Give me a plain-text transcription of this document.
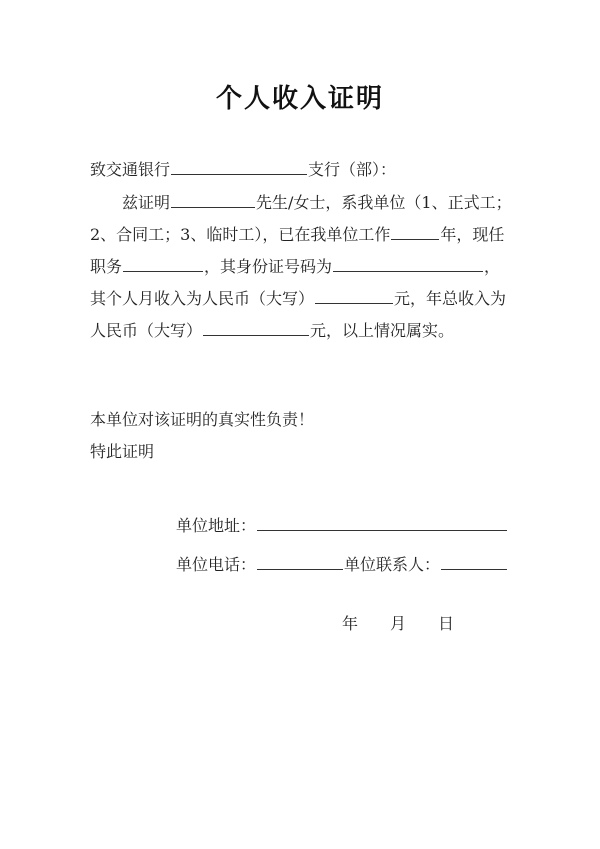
个人收入证明
致交通银行	支行（部）：
兹证明	先生/女士，系我单位（1、正式工；
2、合同工；3、临时工），已在我单位工作	年，现任
职务	，其身份证号码为	，
其个人月收入为人民币（大写）	元，年总收入为
人民币（大写）	元，以上情况属实。
本单位对该证明的真实性负责！
特此证明
单位地址：
单位电话：	单位联系人：
年 月 日
